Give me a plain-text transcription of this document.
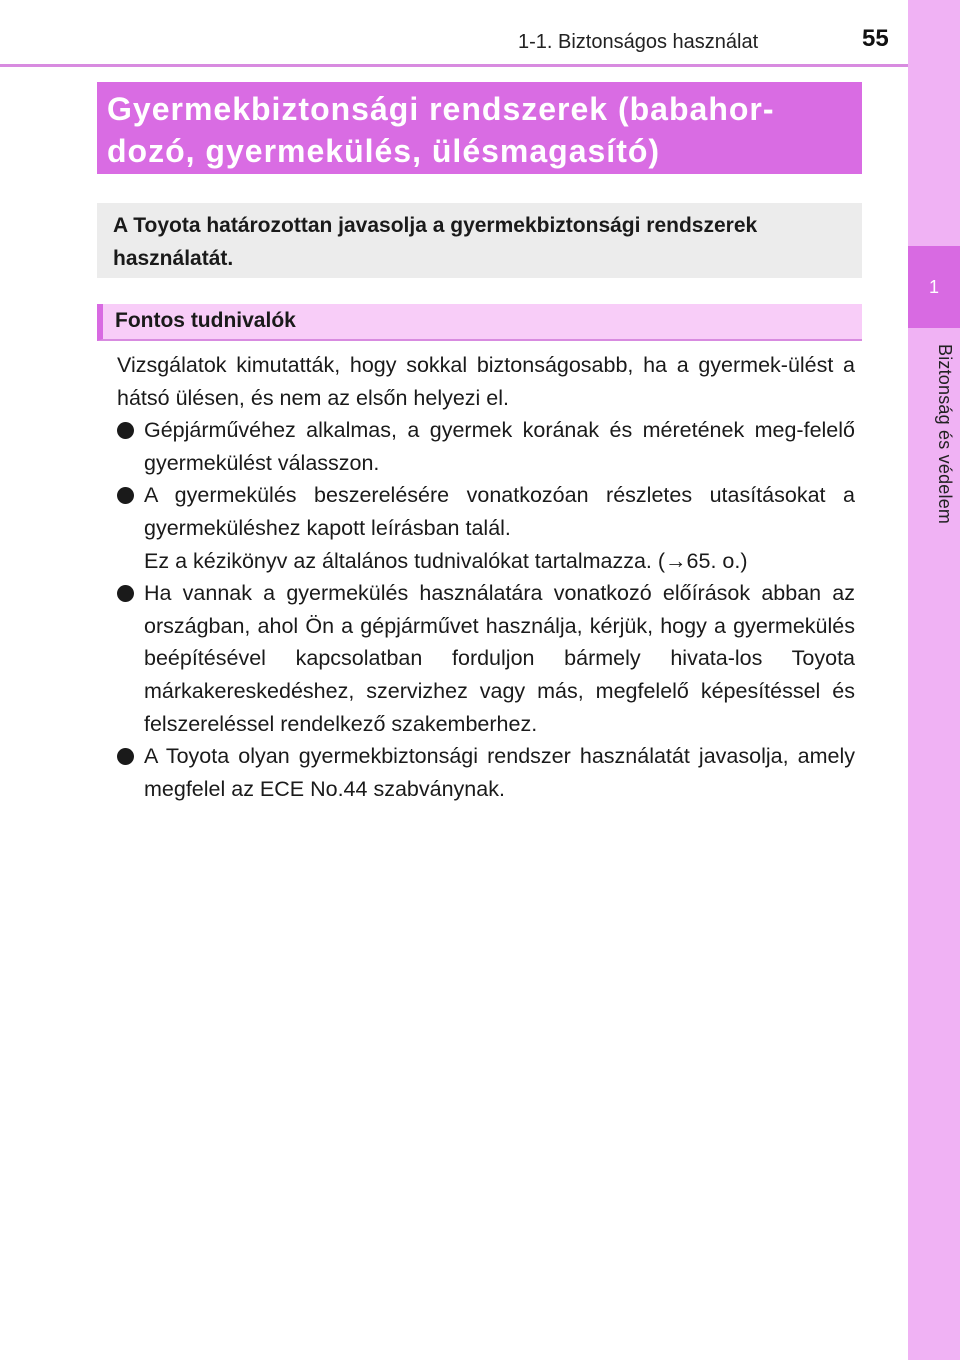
1-1. Biztonságos használat	55
1
Biztonság és védelem
Gyermekbiztonsági rendszerek (babahor-
dozó, gyermekülés, ülésmagasító)

A Toyota határozottan javasolja a gyermekbiztonsági rendszerek használatát.

Fontos tudnivalók

Vizsgálatok kimutatták, hogy sokkal biztonságosabb, ha a gyermek-ülést a hátsó ülésen, és nem az elsőn helyezi el.

Gépjárművéhez alkalmas, a gyermek korának és méretének meg-felelő gyermekülést válasszon.

A gyermekülés beszerelésére vonatkozóan részletes utasításokat a gyermeküléshez kapott leírásban talál.

Ez a kézikönyv az általános tudnivalókat tartalmazza. (→65. o.)

Ha vannak a gyermekülés használatára vonatkozó előírások abban az országban, ahol Ön a gépjárművet használja, kérjük, hogy a gyermekülés beépítésével kapcsolatban forduljon bármely hivata-los Toyota márkakereskedéshez, szervizhez vagy más, megfelelő képesítéssel és felszereléssel rendelkező szakemberhez.

A Toyota olyan gyermekbiztonsági rendszer használatát javasolja, amely megfelel az ECE No.44 szabványnak.
